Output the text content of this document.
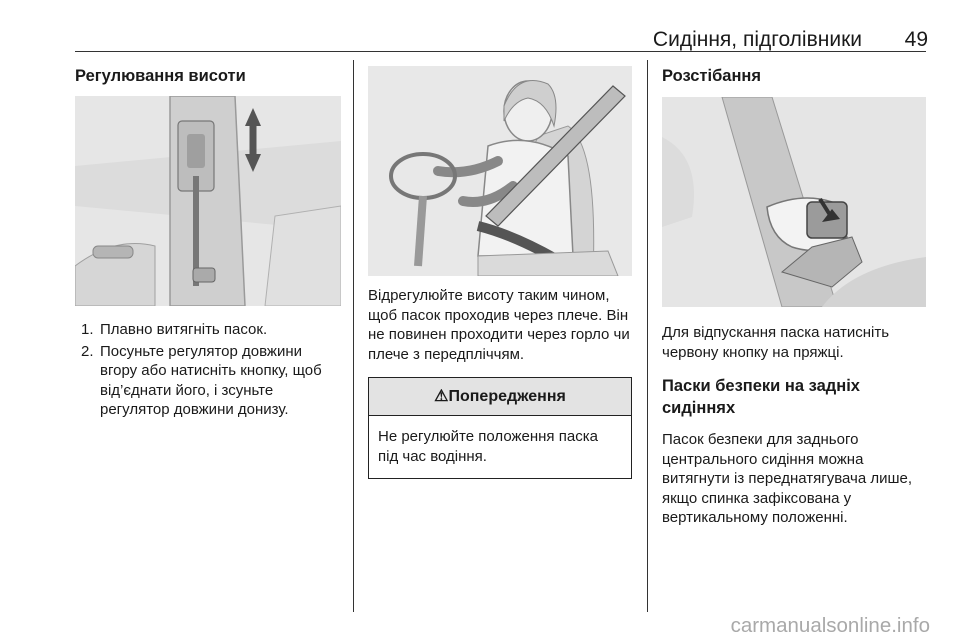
Сидіння, підголівники	49
Регулювання висоти
1. Плавно витягніть пасок.
2. Посуньте регулятор довжини вгору або натисніть кнопку, щоб від’єднати його, і зсуньте регулятор довжини донизу.
Відрегулюйте висоту таким чином, щоб пасок проходив через плече. Він не повинен проходити через горло чи плече з передпліччям.
⚠Попередження
Не регулюйте положення паска під час водіння.
Розстібання
Для відпускання паска натисніть червону кнопку на пряжці.
Паски безпеки на задніх сидіннях
Пасок безпеки для заднього центрального сидіння можна витягнути із переднатягувача лише, якщо спинка зафіксована у вертикальному положенні.
carmanualsonline.info
